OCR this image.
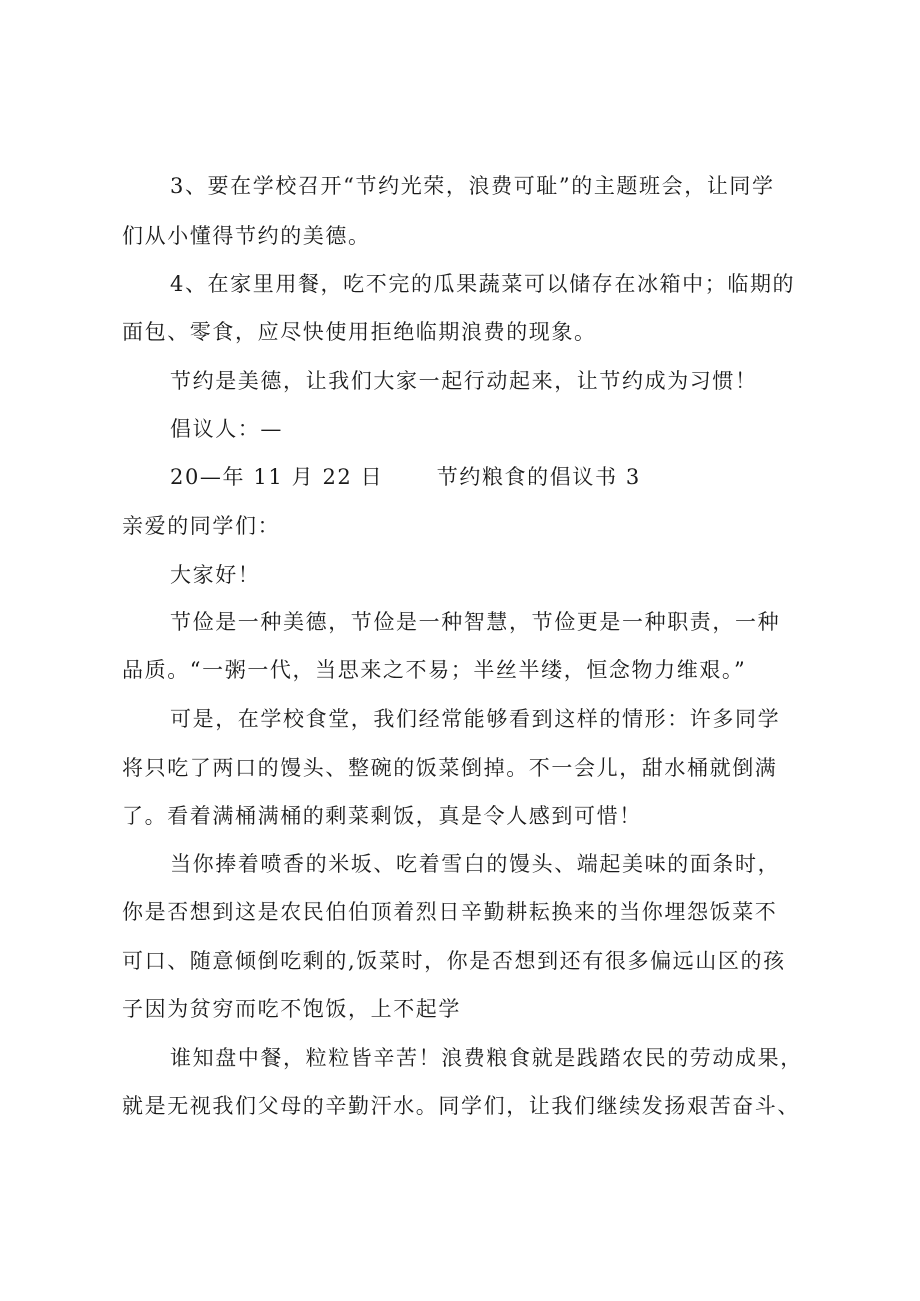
3、要在学校召开“节约光荣，浪费可耻”的主题班会，让同学
们从小懂得节约的美德。
4、在家里用餐，吃不完的瓜果蔬菜可以储存在冰箱中；临期的
面包、零食，应尽快使用拒绝临期浪费的现象。
节约是美德，让我们大家一起行动起来，让节约成为习惯！
倡议人：—
20—年 11 月 22 日　　 节约粮食的倡议书 3
亲爱的同学们：
大家好！
节俭是一种美德，节俭是一种智慧，节俭更是一种职责，一种
品质。“一粥一代，当思来之不易；半丝半缕，恒念物力维艰。”
可是，在学校食堂，我们经常能够看到这样的情形：许多同学
将只吃了两口的馒头、整碗的饭菜倒掉。不一会儿，甜水桶就倒满
了。看着满桶满桶的剩菜剩饭，真是令人感到可惜！
当你捧着喷香的米坂、吃着雪白的馒头、端起美味的面条时，
你是否想到这是农民伯伯顶着烈日辛勤耕耘换来的当你埋怨饭菜不
可口、随意倾倒吃剩的,饭菜时，你是否想到还有很多偏远山区的孩
子因为贫穷而吃不饱饭，上不起学
谁知盘中餐，粒粒皆辛苦！浪费粮食就是践踏农民的劳动成果，
就是无视我们父母的辛勤汗水。同学们，让我们继续发扬艰苦奋斗、
